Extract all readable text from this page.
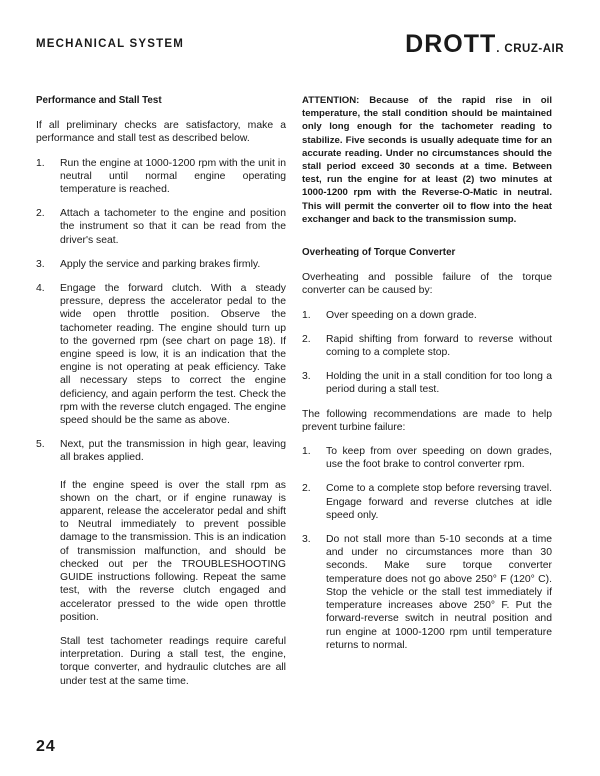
MECHANICAL SYSTEM	DROTT. CRUZ-AIR
Performance and Stall Test

If all preliminary checks are satisfactory, make a performance and stall test as described below.

1.	Run the engine at 1000-1200 rpm with the unit in neutral until normal engine operating temperature is reached.
2.	Attach a tachometer to the engine and position the instrument so that it can be read from the driver's seat.
3.	Apply the service and parking brakes firmly.
4.	Engage the forward clutch. With a steady pressure, depress the accelerator pedal to the wide open throttle position. Observe the tachometer reading. The engine should turn up to the governed rpm (see chart on page 18). If engine speed is low, it is an indication that the engine is not operating at peak efficiency. Take all necessary steps to correct the engine deficiency, and again perform the test. Check the rpm with the reverse clutch engaged. The engine speed should be the same as above.
5.	Next, put the transmission in high gear, leaving all brakes applied.
If the engine speed is over the stall rpm as shown on the chart, or if engine runaway is apparent, release the accelerator pedal and shift to Neutral immediately to prevent possible damage to the transmission. This is an indication of transmission malfunction, and should be checked out per the TROUBLESHOOTING GUIDE instructions following. Repeat the same test, with the reverse clutch engaged and accelerator pressed to the wide open throttle position.
Stall test tachometer readings require careful interpretation. During a stall test, the engine, torque converter, and hydraulic clutches are all under test at the same time.
ATTENTION: Because of the rapid rise in oil temperature, the stall condition should be maintained only long enough for the tachometer reading to stabilize. Five seconds is usually adequate time for an accurate reading. Under no circumstances should the stall period exceed 30 seconds at a time. Between test, run the engine for at least (2) two minutes at 1000-1200 rpm with the Reverse-O-Matic in neutral. This will permit the converter oil to flow into the heat exchanger and back to the transmission sump.
Overheating of Torque Converter

Overheating and possible failure of the torque converter can be caused by:

1.	Over speeding on a down grade.
2.	Rapid shifting from forward to reverse without coming to a complete stop.
3.	Holding the unit in a stall condition for too long a period during a stall test.

The following recommendations are made to help prevent turbine failure:

1.	To keep from over speeding on down grades, use the foot brake to control converter rpm.
2.	Come to a complete stop before reversing travel. Engage forward and reverse clutches at idle speed only.
3.	Do not stall more than 5-10 seconds at a time and under no circumstances more than 30 seconds. Make sure torque converter temperature does not go above 250° F (120° C). Stop the vehicle or the stall test immediately if temperature increases above 250° F. Put the forward-reverse switch in neutral position and run engine at 1000-1200 rpm until temperature returns to normal.
24
